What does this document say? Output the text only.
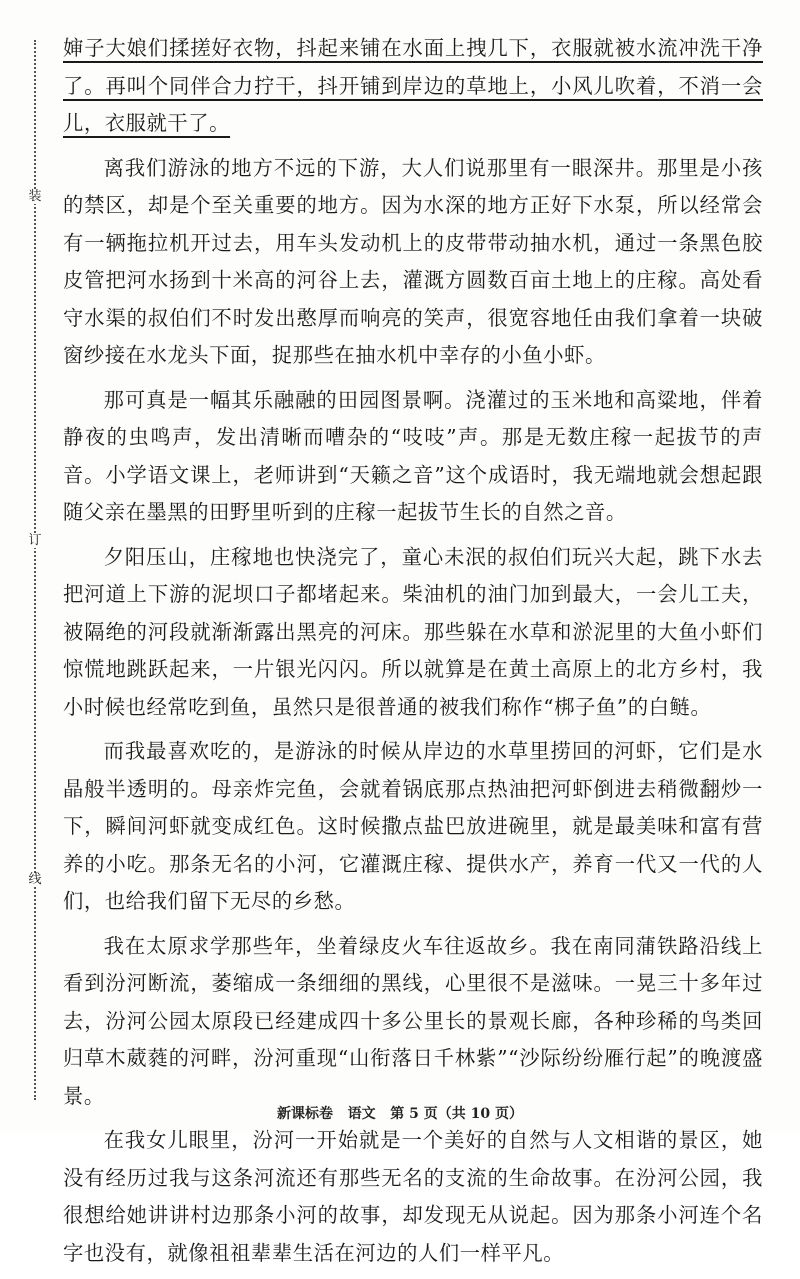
装
订
线

婶子大娘们揉搓好衣物，抖起来铺在水面上拽几下，衣服就被水流冲洗干净了。再叫个同伴合力拧干，抖开铺到岸边的草地上，小风儿吹着，不消一会儿，衣服就干了。

离我们游泳的地方不远的下游，大人们说那里有一眼深井。那里是小孩的禁区，却是个至关重要的地方。因为水深的地方正好下水泵，所以经常会有一辆拖拉机开过去，用车头发动机上的皮带带动抽水机，通过一条黑色胶皮管把河水扬到十米高的河谷上去，灌溉方圆数百亩土地上的庄稼。高处看守水渠的叔伯们不时发出憨厚而响亮的笑声，很宽容地任由我们拿着一块破窗纱接在水龙头下面，捉那些在抽水机中幸存的小鱼小虾。

那可真是一幅其乐融融的田园图景啊。浇灌过的玉米地和高粱地，伴着静夜的虫鸣声，发出清晰而嘈杂的“吱吱”声。那是无数庄稼一起拔节的声音。小学语文课上，老师讲到“天籁之音”这个成语时，我无端地就会想起跟随父亲在墨黑的田野里听到的庄稼一起拔节生长的自然之音。

夕阳压山，庄稼地也快浇完了，童心未泯的叔伯们玩兴大起，跳下水去把河道上下游的泥坝口子都堵起来。柴油机的油门加到最大，一会儿工夫，被隔绝的河段就渐渐露出黑亮的河床。那些躲在水草和淤泥里的大鱼小虾们惊慌地跳跃起来，一片银光闪闪。所以就算是在黄土高原上的北方乡村，我小时候也经常吃到鱼，虽然只是很普通的被我们称作“梆子鱼”的白鲢。

而我最喜欢吃的，是游泳的时候从岸边的水草里捞回的河虾，它们是水晶般半透明的。母亲炸完鱼，会就着锅底那点热油把河虾倒进去稍微翻炒一下，瞬间河虾就变成红色。这时候撒点盐巴放进碗里，就是最美味和富有营养的小吃。那条无名的小河，它灌溉庄稼、提供水产，养育一代又一代的人们，也给我们留下无尽的乡愁。

我在太原求学那些年，坐着绿皮火车往返故乡。我在南同蒲铁路沿线上看到汾河断流，萎缩成一条细细的黑线，心里很不是滋味。一晃三十多年过去，汾河公园太原段已经建成四十多公里长的景观长廊，各种珍稀的鸟类回归草木葳蕤的河畔，汾河重现“山衔落日千林紫”“沙际纷纷雁行起”的晚渡盛景。

在我女儿眼里，汾河一开始就是一个美好的自然与人文相谐的景区，她没有经历过我与这条河流还有那些无名的支流的生命故事。在汾河公园，我很想给她讲讲村边那条小河的故事，却发现无从说起。因为那条小河连个名字也没有，就像祖祖辈辈生活在河边的人们一样平凡。

新课标卷   语文   第 5 页（共 10 页）
